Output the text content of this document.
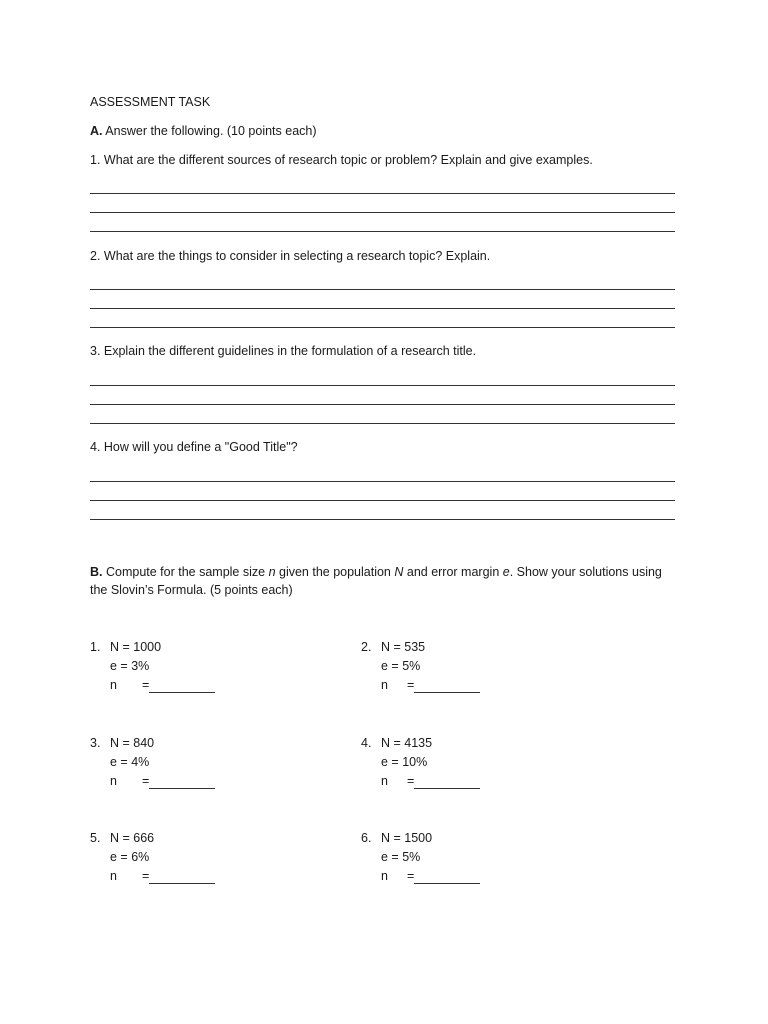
ASSESSMENT TASK
A. Answer the following. (10 points each)
1. What are the different sources of research topic or problem? Explain and give examples.
2. What are the things to consider in selecting a research topic? Explain.
3. Explain the different guidelines in the formulation of a research title.
4. How will you define a "Good Title"?
B. Compute for the sample size n given the population N and error margin e. Show your solutions using
the Slovin’s Formula. (5 points each)
1. N = 1000
e = 3%
n	=
2. N = 535
e = 5%
n	=
3. N = 840
e = 4%
n	=
4. N = 4135
e = 10%
n	=
5. N = 666
e = 6%
n	=
6. N = 1500
e = 5%
n	=
